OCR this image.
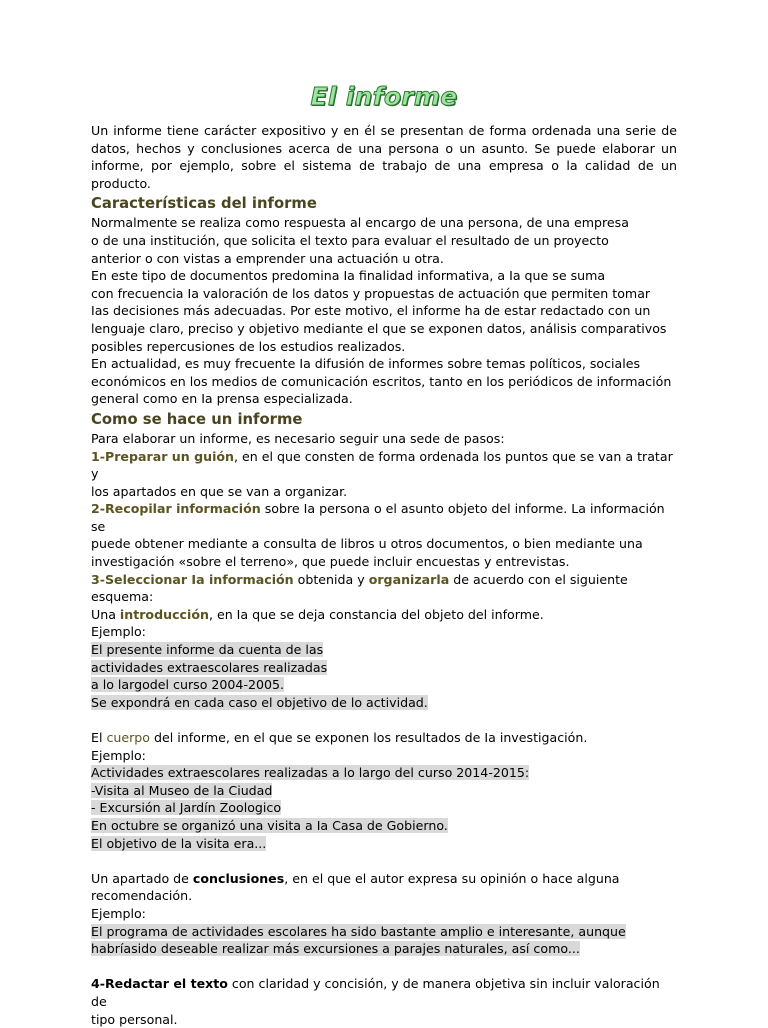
El informe

Un informe tiene carácter expositivo y en él se presentan de forma ordenada una serie de datos, hechos y conclusiones acerca de una persona o un asunto. Se puede elaborar un informe, por ejemplo, sobre el sistema de trabajo de una empresa o la calidad de un producto.

Características del informe

Normalmente se realiza como respuesta al encargo de una persona, de una empresa

o de una institución, que solicita el texto para evaluar el resultado de un proyecto

anterior o con vistas a emprender una actuación u otra.

En este tipo de documentos predomina Ia finalidad informativa, a Ia que se suma

con frecuencia Ia valoración de los datos y propuestas de actuación que permiten tomar

Ias decisiones más adecuadas. Por este motivo, el informe ha de estar redactado con un

lenguaje claro, preciso y objetivo mediante el que se exponen datos, análisis comparativos

posibles repercusiones de los estudios realizados.

En actualidad, es muy frecuente Ia difusión de informes sobre temas políticos, sociales

económicos en los medios de comunicación escritos, tanto en los periódicos de información

general como en Ia prensa especializada.

Como se hace un informe

Para elaborar un informe, es necesario seguir una sede de pasos:

1-Preparar un guión, en el que consten de forma ordenada los puntos que se van a tratar y

los apartados en que se van a organizar.

2-Recopilar información sobre Ia persona o el asunto objeto del informe. La información se

puede obtener mediante a consulta de libros u otros documentos, o bien mediante una

investigación «sobre el terreno», que puede incluir encuestas y entrevistas.

3-Seleccionar Ia información obtenida y organizarla de acuerdo con el siguiente esquema:

Una introducción, en Ia que se deja constancia del objeto del informe.

Ejemplo:

El presente informe da cuenta de las

actividades extraescolares realizadas

a lo largodel curso 2004-2005.

Se expondrá en cada caso el objetivo de lo actividad.

El cuerpo del informe, en el que se exponen los resultados de Ia investigación.

Ejemplo:

Actividades extraescolares realizadas a lo largo del curso 2014-2015:

-Visita al Museo de la Ciudad

- Excursión al Jardín Zoologico

En octubre se organizó una visita a Ia Casa de Gobierno.

El objetivo de la visita era...

Un apartado de conclusiones, en el que el autor expresa su opinión o hace alguna

recomendación.

Ejemplo:

El programa de actividades escolares ha sido bastante amplio e interesante, aunque

habríasido deseable realizar más excursiones a parajes naturales, así como...

4-Redactar el texto con claridad y concisión, y de manera objetiva sin incluir valoración de

tipo personal.
